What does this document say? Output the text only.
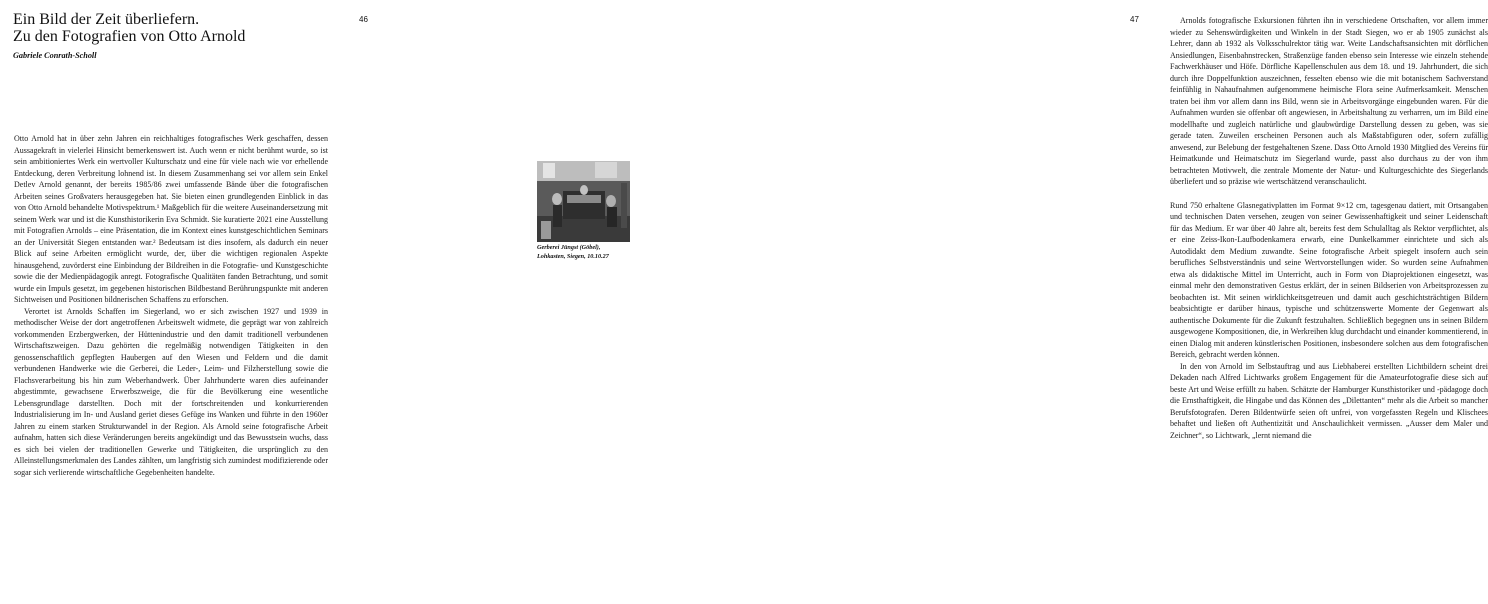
46
Ein Bild der Zeit überliefern.
Zu den Fotografien von Otto Arnold
Gabriele Conrath-Scholl

Otto Arnold hat in über zehn Jahren ein reichhaltiges fotografisches Werk geschaffen, dessen Aussagekraft in vielerlei Hinsicht bemerkenswert ist. Auch wenn er nicht berühmt wurde, so ist sein ambitioniertes Werk ein wertvoller Kulturschatz und eine für viele nach wie vor erhellende Entdeckung, deren Verbreitung lohnend ist. In diesem Zusammenhang sei vor allem sein Enkel Detlev Arnold genannt, der bereits 1985/86 zwei umfassende Bände über die fotografischen Arbeiten seines Großvaters herausgegeben hat. Sie bieten einen grundlegenden Einblick in das von Otto Arnold behandelte Motivspektrum.¹ Maßgeblich für die weitere Auseinandersetzung mit seinem Werk war und ist die Kunsthistorikerin Eva Schmidt. Sie kuratierte 2021 eine Ausstellung mit Fotografien Arnolds – eine Präsentation, die im Kontext eines kunstgeschichtlichen Seminars an der Universität Siegen entstanden war.² Bedeutsam ist dies insofern, als dadurch ein neuer Blick auf seine Arbeiten ermöglicht wurde, der, über die wichtigen regionalen Aspekte hinausgehend, zuvörderst eine Einbindung der Bildreihen in die Fotografie- und Kunstgeschichte sowie die der Medienpädagogik anregt. Fotografische Qualitäten fanden Betrachtung, und somit wurde ein Impuls gesetzt, im gegebenen historischen Bildbestand Berührungspunkte mit anderen Sichtweisen und Positionen bildnerischen Schaffens zu erforschen.

Verortet ist Arnolds Schaffen im Siegerland, wo er sich zwischen 1927 und 1939 in methodischer Weise der dort angetroffenen Arbeitswelt widmete, die geprägt war von zahlreich vorkommenden Erzbergwerken, der Hüttenindustrie und den damit traditionell verbundenen Wirtschaftszweigen. Dazu gehörten die regelmäßig notwendigen Tätigkeiten in den genossenschaftlich gepflegten Haubergen auf den Wiesen und Feldern und die damit verbundenen Handwerke wie die Gerberei, die Leder-, Leim- und Filzherstellung sowie die Flachsverarbeitung bis hin zum Weberhandwerk. Über Jahrhunderte waren dies aufeinander abgestimmte, gewachsene Erwerbszweige, die für die Bevölkerung eine wesentliche Lebensgrundlage darstellten. Doch mit der fortschreitenden und konkurrierenden Industrialisierung im In- und Ausland geriet dieses Gefüge ins Wanken und führte in den 1960er Jahren zu einem starken Strukturwandel in der Region. Als Arnold seine fotografische Arbeit aufnahm, hatten sich diese Veränderungen bereits angekündigt und das Bewusstsein wuchs, dass es sich bei vielen der traditionellen Gewerke und Tätigkeiten, die ursprünglich zu den Alleinstellungsmerkmalen des Landes zählten, um langfristig sich zumindest modifizierende oder sogar sich verlierende wirtschaftliche Gegebenheiten handelte.

47	Arnolds fotografische Exkursionen führten ihn in verschiedene Ortschaften, vor allem immer wieder zu Sehenswürdigkeiten und Winkeln in der Stadt Siegen, wo er ab 1905 zunächst als Lehrer, dann ab 1932 als Volksschulrektor tätig war. Weite Landschaftsansichten mit dörflichen Ansiedlungen, Eisenbahnstrecken, Straßenzüge fanden ebenso sein Interesse wie einzeln stehende Fachwerkhäuser und Höfe. Dörfliche Kapellenschulen aus dem 18. und 19. Jahrhundert, die sich durch ihre Doppelfunktion auszeichnen, fesselten ebenso wie die mit botanischem Sachverstand feinfühlig in Nahaufnahmen aufgenommene heimische Flora seine Aufmerksamkeit. Menschen traten bei ihm vor allem dann ins Bild, wenn sie in Arbeitsvorgänge eingebunden waren. Für die Aufnahmen wurden sie offenbar oft angewiesen, in Arbeitshaltung zu verharren, um im Bild eine modellhafte und zugleich natürliche und glaubwürdige Darstellung dessen zu geben, was sie gerade taten. Zuweilen erscheinen Personen auch als Maßstabfiguren oder, sofern zufällig anwesend, zur Belebung der festgehaltenen Szene. Dass Otto Arnold 1930 Mitglied des Vereins für Heimatkunde und Heimatschutz im Siegerland wurde, passt also durchaus zu der von ihm betrachteten Motivwelt, die zentrale Momente der Natur- und Kulturgeschichte des Siegerlands überliefert und so präzise wie wertschätzend veranschaulicht.

Rund 750 erhaltene Glasnegativplatten im Format 9×12 cm, tagesgenau datiert, mit Ortsangaben und technischen Daten versehen, zeugen von seiner Gewissenhaftigkeit und seiner Leidenschaft für das Medium. Er war über 40 Jahre alt, bereits fest dem Schulalltag als Rektor verpflichtet, als er eine Zeiss-Ikon-Laufbodenkamera erwarb, eine Dunkelkammer einrichtete und sich als Autodidakt dem Medium zuwandte. Seine fotografische Arbeit spiegelt insofern auch sein berufliches Selbstverständnis und seine Wertvorstellungen wider. So wurden seine Aufnahmen etwa als didaktische Mittel im Unterricht, auch in Form von Diaprojektionen eingesetzt, was einmal mehr den demonstrativen Gestus erklärt, der in seinen Bildserien von Arbeitsprozessen zu beobachten ist. Mit seinen wirklichkeitsgetreuen und damit auch geschichtsträchtigen Bildern beabsichtigte er darüber hinaus, typische und schützenswerte Momente der Gegenwart als authentische Dokumente für die Zukunft festzuhalten. Schließlich begegnen uns in seinen Bildern ausgewogene Kompositionen, die, in Werkreihen klug durchdacht und einander kommentierend, in einen Dialog mit anderen künstlerischen Positionen, insbesondere solchen aus dem fotografischen Bereich, gebracht werden können.

In den von Arnold im Selbstauftrag und aus Liebhaberei erstellten Lichtbildern scheint drei Dekaden nach Alfred Lichtwarks großem Engagement für die Amateurfotografie diese sich auf beste Art und Weise erfüllt zu haben. Schätzte der Hamburger Kunsthistoriker und -pädagoge doch die Ernsthaftigkeit, die Hingabe und das Können des „Dilettanten“ mehr als die Arbeit so mancher Berufsfotografen. Deren Bildentwürfe seien oft unfrei, von vorgefassten Regeln und Klischees behaftet und ließen oft Authentizität und Anschaulichkeit vermissen. „Ausser dem Maler und Zeichner“, so Lichtwark, „lernt niemand die

Gerberei Jüngst (Göbel),
Lohkasten, Siegen, 10.10.27
